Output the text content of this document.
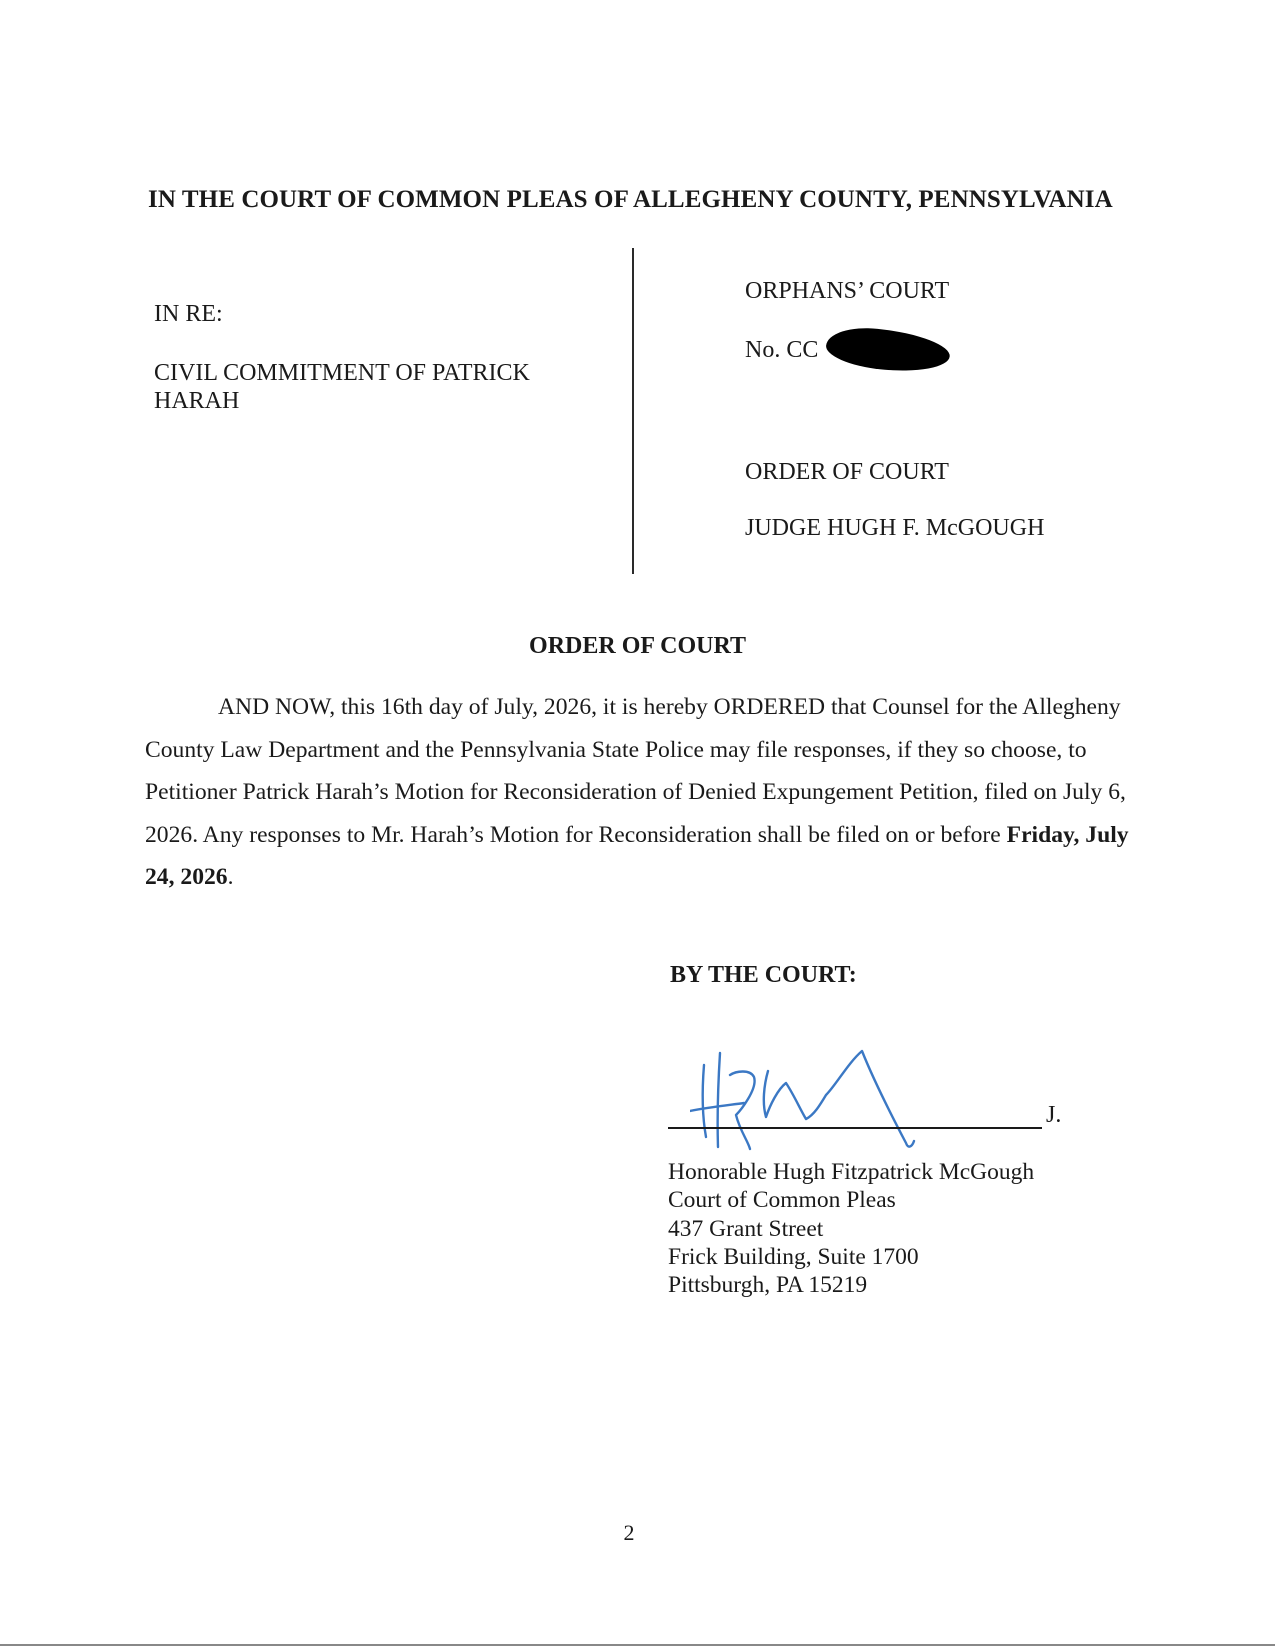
IN THE COURT OF COMMON PLEAS OF ALLEGHENY COUNTY, PENNSYLVANIA
IN RE:
CIVIL COMMITMENT OF PATRICK
HARAH
ORPHANS’ COURT
No. CC
ORDER OF COURT
JUDGE HUGH F. McGOUGH
ORDER OF COURT
AND NOW, this 16th day of July, 2026, it is hereby ORDERED that Counsel for the Allegheny County Law Department and the Pennsylvania State Police may file responses, if they so choose, to Petitioner Patrick Harah’s Motion for Reconsideration of Denied Expungement Petition, filed on July 6, 2026. Any responses to Mr. Harah’s Motion for Reconsideration shall be filed on or before Friday, July 24, 2026.
BY THE COURT:
J.
Honorable Hugh Fitzpatrick McGough
Court of Common Pleas
437 Grant Street
Frick Building, Suite 1700
Pittsburgh, PA 15219
2
